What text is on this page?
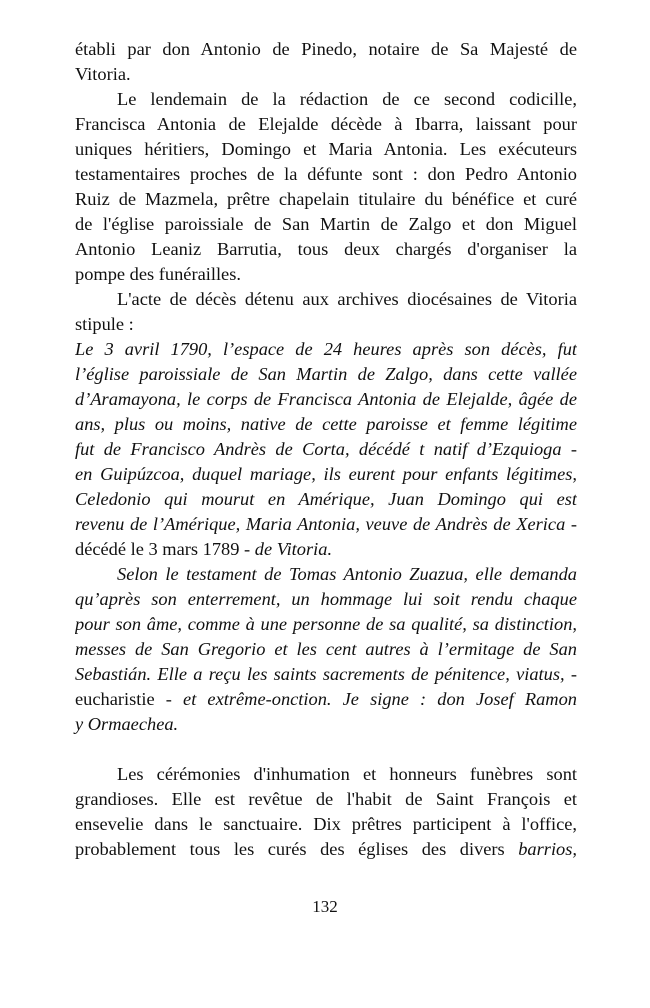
établi par don Antonio de Pinedo, notaire de Sa Majesté de
Vitoria.
Le lendemain de la rédaction de ce second codicille,
Francisca Antonia de Elejalde décède à Ibarra, laissant pour
uniques héritiers, Domingo et Maria Antonia. Les exécuteurs
testamentaires proches de la défunte sont : don Pedro Antonio
Ruiz de Mazmela, prêtre chapelain titulaire du bénéfice et curé
de l'église paroissiale de San Martin de Zalgo et don Miguel
Antonio Leaniz Barrutia, tous deux chargés d'organiser la
pompe des funérailles.
L'acte de décès détenu aux archives diocésaines de Vitoria
stipule :
Le 3 avril 1790, l’espace de 24 heures après son décès, fut
l’église paroissiale de San Martin de Zalgo, dans cette vallée
d’Aramayona, le corps de Francisca Antonia de Elejalde, âgée de
ans, plus ou moins, native de cette paroisse et femme légitime
fut de Francisco Andrès de Corta, décédé t natif d’Ezquioga -
en Guipúzcoa, duquel mariage, ils eurent pour enfants légitimes,
Celedonio qui mourut en Amérique, Juan Domingo qui est
revenu de l’Amérique, Maria Antonia, veuve de Andrès de Xerica -
décédé le 3 mars 1789 - de Vitoria.
Selon le testament de Tomas Antonio Zuazua, elle demanda
qu’après son enterrement, un hommage lui soit rendu chaque
pour son âme, comme à une personne de sa qualité, sa distinction,
messes de San Gregorio et les cent autres à l’ermitage de San
Sebastián. Elle a reçu les saints sacrements de pénitence, viatus, -
eucharistie - et extrême-onction. Je signe : don Josef Ramon
y Ormaechea.
Les cérémonies d'inhumation et honneurs funèbres sont
grandioses. Elle est revêtue de l'habit de Saint François et
ensevelie dans le sanctuaire. Dix prêtres participent à l'office,
probablement tous les curés des églises des divers barrios,
132
